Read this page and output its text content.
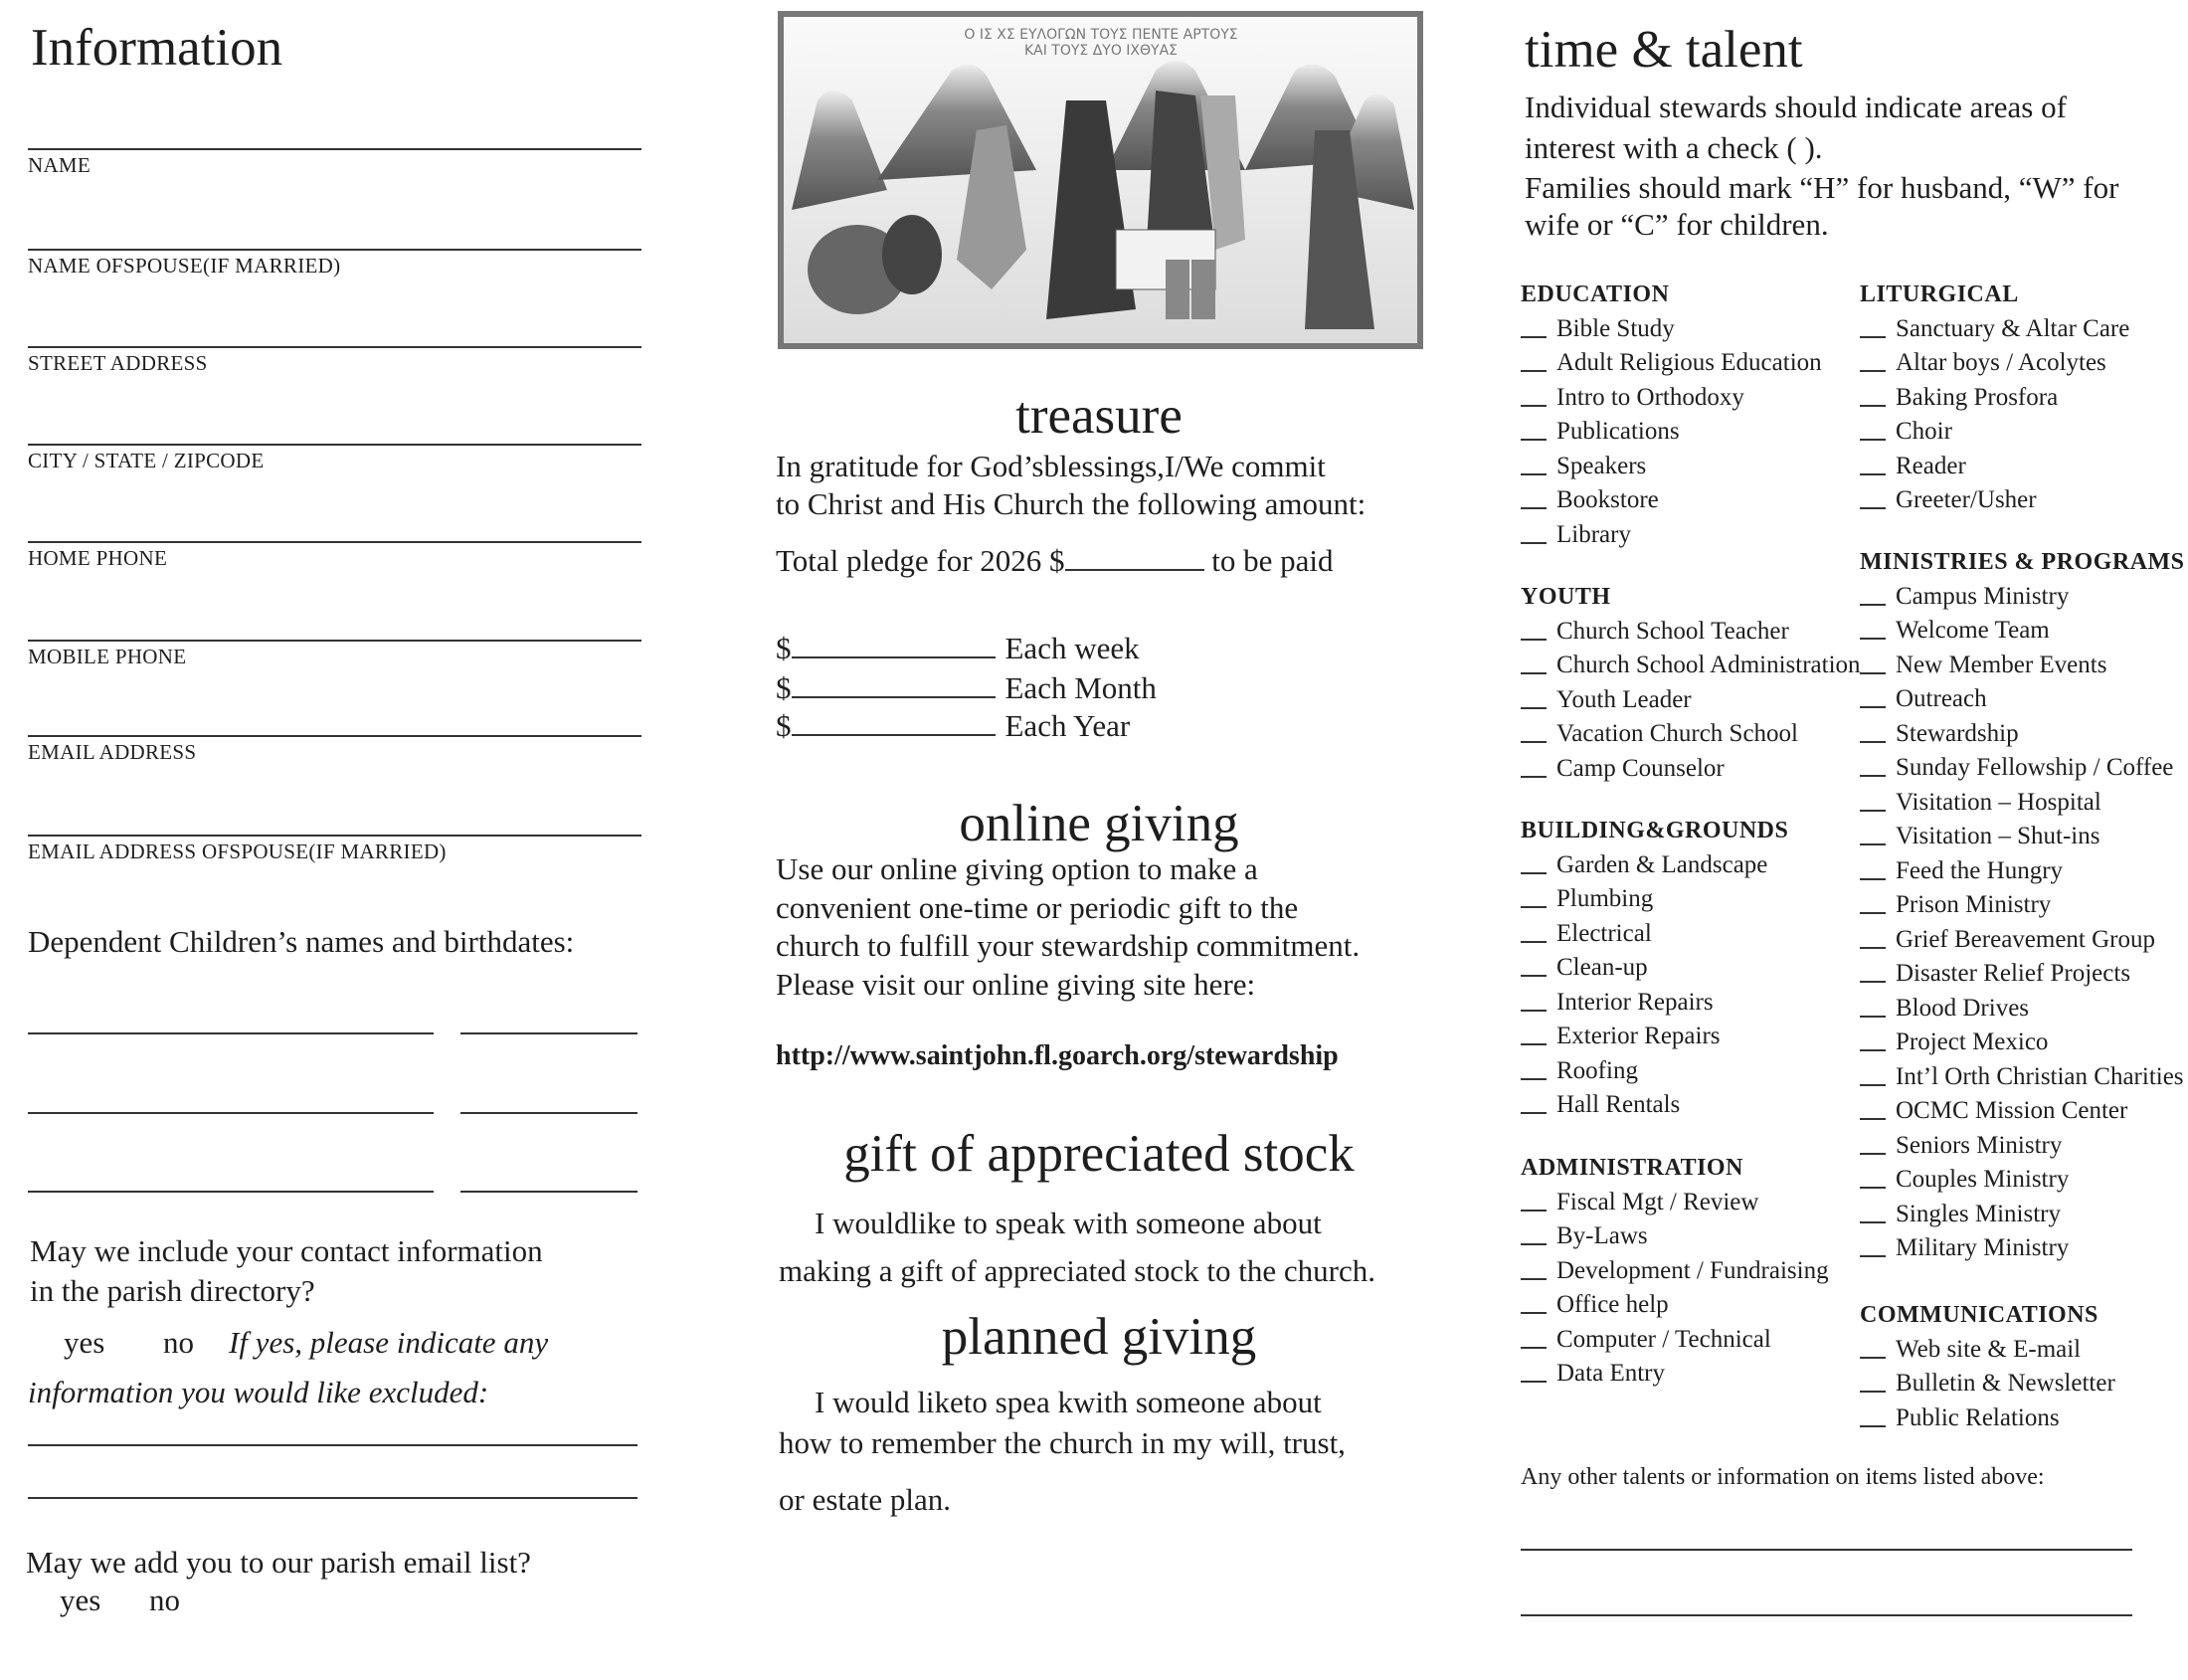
Information
NAME
NAME OFSPOUSE(IF MARRIED)
STREET ADDRESS
CITY / STATE / ZIPCODE
HOME PHONE
MOBILE PHONE
EMAIL ADDRESS
EMAIL ADDRESS OFSPOUSE(IF MARRIED)
Dependent Children’s names and birthdates:
May we include your contact information
in the parish directory?
yes no If yes, please indicate any
information you would like excluded:
May we add you to our parish email list?
yes no
Ο ΙΣ ΧΣ ΕΥΛΟΓΩΝ ΤΟΥΣ ΠΕΝΤΕ ΑΡΤΟΥΣ
ΚΑΙ ΤΟΥΣ ΔΥΟ ΙΧΘΥΑΣ
treasure
In gratitude for God’sblessings,I/We commit
to Christ and His Church the following amount:
Total pledge for 2026 $	to be paid
$	Each week
$	Each Month
$	Each Year
online giving
Use our online giving option to make a
convenient one-time or periodic gift to the
church to fulfill your stewardship commitment.
Please visit our online giving site here:
http://www.saintjohn.fl.goarch.org/stewardship
gift of appreciated stock
I wouldlike to speak with someone about
making a gift of appreciated stock to the church.
planned giving
I would liketo spea kwith someone about
how to remember the church in my will, trust,
or estate plan.
time & talent
Individual stewards should indicate areas of
interest with a check ( ).
Families should mark “H” for husband, “W” for
wife or “C” for children.
EDUCATION
Bible Study
Adult Religious Education
Intro to Orthodoxy
Publications
Speakers
Bookstore
Library
YOUTH
Church School Teacher
Church School Administration
Youth Leader
Vacation Church School
Camp Counselor
BUILDING&GROUNDS
Garden & Landscape
Plumbing
Electrical
Clean-up
Interior Repairs
Exterior Repairs
Roofing
Hall Rentals
ADMINISTRATION
Fiscal Mgt / Review
By-Laws
Development / Fundraising
Office help
Computer / Technical
Data Entry
LITURGICAL
Sanctuary & Altar Care
Altar boys / Acolytes
Baking Prosfora
Choir
Reader
Greeter/Usher
MINISTRIES & PROGRAMS
Campus Ministry
Welcome Team
New Member Events
Outreach
Stewardship
Sunday Fellowship / Coffee
Visitation – Hospital
Visitation – Shut-ins
Feed the Hungry
Prison Ministry
Grief Bereavement Group
Disaster Relief Projects
Blood Drives
Project Mexico
Int’l Orth Christian Charities
OCMC Mission Center
Seniors Ministry
Couples Ministry
Singles Ministry
Military Ministry
COMMUNICATIONS
Web site & E-mail
Bulletin & Newsletter
Public Relations
Any other talents or information on items listed above:
